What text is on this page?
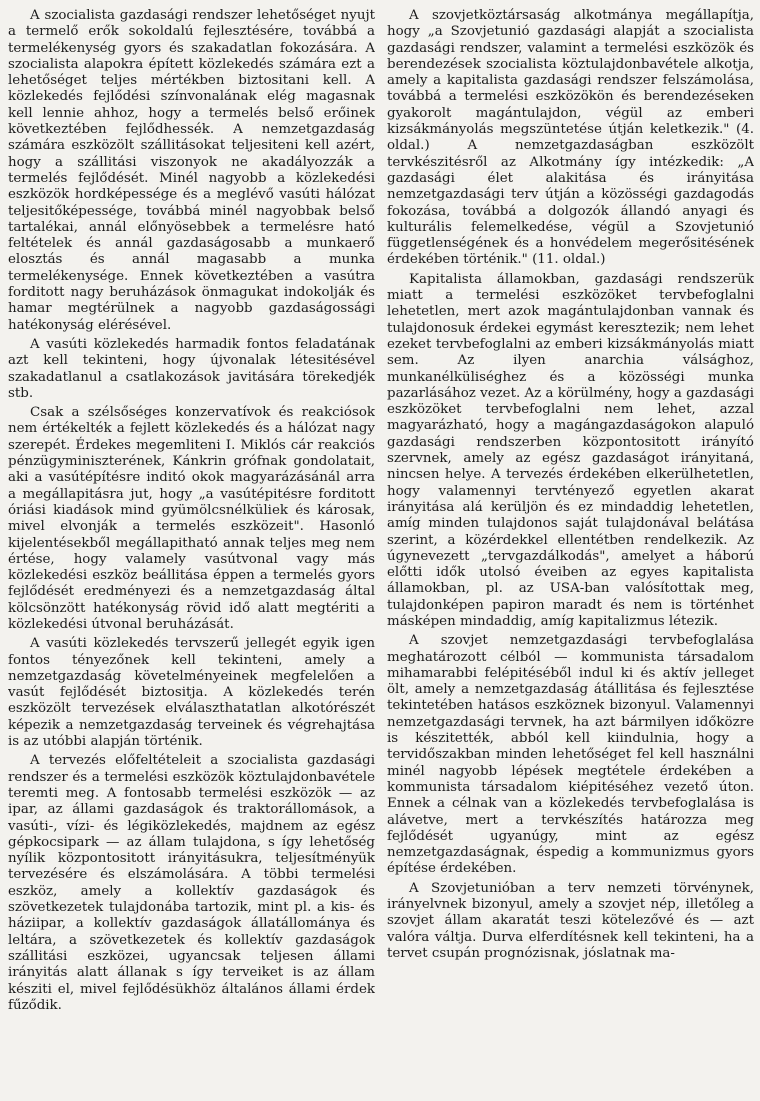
A szocialista gazdasági rendszer lehetőséget nyujt a termelő erők sokoldalú fejlesztésére, továbbá a termelékenység gyors és szakadatlan fokozására. A szocialista alapokra épített közlekedés számára ezt a lehetőséget teljes mértékben biztositani kell. A közlekedés fejlődési színvonalának elég magasnak kell lennie ahhoz, hogy a termelés belső erőinek következtében fejlődhessék. A nemzetgazdaság számára eszközölt szállitásokat teljesiteni kell azért, hogy a szállitási viszonyok ne akadályozzák a termelés fejlődését. Minél nagyobb a közlekedési eszközök hordképessége és a meglévő vasúti hálózat teljesitőképessége, továbbá minél nagyobbak belső tartalékai, annál előnyösebbek a termelésre ható feltételek és annál gazdaságosabb a munkaerő elosztás és annál magasabb a munka termelékenysége. Ennek következtében a vasútra forditott nagy beruházások önmagukat indokolják és hamar megtérülnek a nagyobb gazdaságossági hatékonyság elérésével.

A vasúti közlekedés harmadik fontos feladatának azt kell tekinteni, hogy újvonalak létesitésével szakadatlanul a csatlakozások javitására törekedjék stb.

Csak a szélsőséges konzervatívok és reakciósok nem értékelték a fejlett közlekedés és a hálózat nagy szerepét. Érdekes megemliteni I. Miklós cár reakciós pénzügyminiszterének, Kánkrin grófnak gondolatait, aki a vasútépítésre inditó okok magyarázásánál arra a megállapitásra jut, hogy „a vasútépitésre forditott óriási kiadások mind gyümölcsnélküliek és károsak, mivel elvonják a termelés eszközeit". Hasonló kijelentésekből megállapitható annak teljes meg nem értése, hogy valamely vasútvonal vagy más közlekedési eszköz beállitása éppen a termelés gyors fejlődését eredményezi és a nemzetgazdaság által kölcsönzött hatékonyság rövid idő alatt megtériti a közlekedési útvonal beruházását.

A vasúti közlekedés tervszerű jellegét egyik igen fontos tényezőnek kell tekinteni, amely a nemzetgazdaság követelményeinek megfelelően a vasút fejlődését biztositja. A közlekedés terén eszközölt tervezések elválaszthatatlan alkotórészét képezik a nemzetgazdaság terveinek és végrehajtása is az utóbbi alapján történik.

A tervezés előfeltételeit a szocialista gazdasági rendszer és a termelési eszközök köztulajdonbavétele teremti meg. A fontosabb termelési eszközök — az ipar, az állami gazdaságok és traktorállomások, a vasúti-, vízi- és légiközlekedés, majdnem az egész gépkocsipark — az állam tulajdona, s így lehetőség nyílik központositott irányitásukra, teljesítményük tervezésére és elszámolására. A többi termelési eszköz, amely a kollektív gazdaságok és szövetkezetek tulajdonába tartozik, mint pl. a kis- és háziipar, a kollektív gazdaságok állatállománya és leltára, a szövetkezetek és kollektív gazdaságok szállitási eszközei, ugyancsak teljesen állami irányitás alatt állanak s így terveiket is az állam késziti el, mivel fejlődésükhöz általános állami érdek fűződik.

A szovjetköztársaság alkotmánya megállapítja, hogy „a Szovjetunió gazdasági alapját a szocialista gazdasági rendszer, valamint a termelési eszközök és berendezések szocialista köztulajdonbavétele alkotja, amely a kapitalista gazdasági rendszer felszámolása, továbbá a termelési eszközökön és berendezéseken gyakorolt magántulajdon, végül az emberi kizsákmányolás megszüntetése útján keletkezik." (4. oldal.) A nemzetgazdaságban eszközölt tervkészitésről az Alkotmány így intézkedik: „A gazdasági élet alakitása és irányitása nemzetgazdasági terv útján a közösségi gazdagodás fokozása, továbbá a dolgozók állandó anyagi és kulturális felemelkedése, végül a Szovjetunió függetlenségének és a honvédelem megerősitésének érdekében történik." (11. oldal.)

Kapitalista államokban, gazdasági rendszerük miatt a termelési eszközöket tervbefoglalni lehetetlen, mert azok magántulajdonban vannak és tulajdonosuk érdekei egymást keresztezik; nem lehet ezeket tervbefoglalni az emberi kizsákmányolás miatt sem. Az ilyen anarchia válsághoz, munkanélküliséghez és a közösségi munka pazarlásához vezet. Az a körülmény, hogy a gazdasági eszközöket tervbefoglalni nem lehet, azzal magyarázható, hogy a magángazdaságokon alapuló gazdasági rendszerben központositott irányító szervnek, amely az egész gazdaságot irányitaná, nincsen helye. A tervezés érdekében elkerülhetetlen, hogy valamennyi tervtényező egyetlen akarat irányitása alá kerüljön és ez mindaddig lehetetlen, amíg minden tulajdonos saját tulajdonával belátása szerint, a közérdekkel ellentétben rendelkezik. Az úgynevezett „tervgazdálkodás", amelyet a háború előtti idők utolsó éveiben az egyes kapitalista államokban, pl. az USA-ban valósítottak meg, tulajdonképen papiron maradt és nem is történhet másképen mindaddig, amíg kapitalizmus létezik.

A szovjet nemzetgazdasági tervbefoglalása meghatározott célból — kommunista társadalom mihamarabbi felépitéséből indul ki és aktív jelleget ölt, amely a nemzetgazdaság átállitása és fejlesztése tekintetében hatásos eszköznek bizonyul. Valamennyi nemzetgazdasági tervnek, ha azt bármilyen időközre is készitették, abból kell kiindulnia, hogy a tervidőszakban minden lehetőséget fel kell használni minél nagyobb lépések megtétele érdekében a kommunista társadalom kiépitéséhez vezető úton. Ennek a célnak van a közlekedés tervbefoglalása is alávetve, mert a tervkészítés határozza meg fejlődését ugyanúgy, mint az egész nemzetgazdaságnak, éspedig a kommunizmus gyors építése érdekében.

A Szovjetunióban a terv nemzeti törvénynek, irányelvnek bizonyul, amely a szovjet nép, illetőleg a szovjet állam akaratát teszi kötelezővé és — azt valóra váltja. Durva elferdítésnek kell tekinteni, ha a tervet csupán prognózisnak, jóslatnak ma-
